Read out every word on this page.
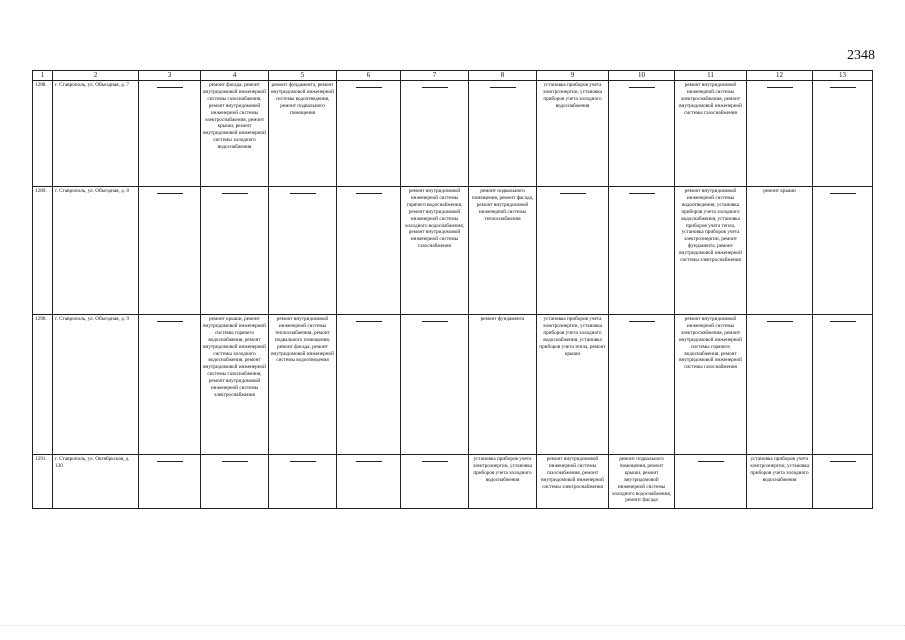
2348
1	2	3	4	5	6	7	8	9	10	11	12	13
1288.	г. Ставрополь, ул. Объездная, д. 7		ремонт фасада, ремонт внутридомовой инженерной системы газоснабжения, ремонт внутридомовой инженерной системы электроснабжения, ремонт крыши, ремонт внутридомовой инженерной системы холодного водоснабжения	ремонт фундамента, ремонт внутридомовой инженерной системы водоотведения, ремонт подвального помещения				установка приборов учета электроэнергии, установка приборов учета холодного водоснабжения		ремонт внутридомовой инженерной системы электроснабжения, ремонт внутридомовой инженерной системы газоснабжения	

1289.	г. Ставрополь, ул. Объездная, д. 8					ремонт внутридомовой инженерной системы горячего водоснабжения, ремонт внутридомовой инженерной системы холодного водоснабжения, ремонт внутридомовой инженерной системы газоснабжения	ремонт подвального помещения, ремонт фасада, ремонт внутридомовой инженерной системы теплоснабжения			ремонт внутридомовой инженерной системы водоотведения, установка приборов учета холодного водоснабжения, установка приборов учета тепла, установка приборов учета электроэнергии, ремонт фундамента, ремонт внутридомовой инженерной системы электроснабжения	ремонт крыши	

1290.	г. Ставрополь, ул. Объездная, д. 9		ремонт крыши, ремонт внутридомовой инженерной системы горячего водоснабжения, ремонт внутридомовой инженерной системы холодного водоснабжения, ремонт внутридомовой инженерной системы газоснабжения, ремонт внутридомовой инженерной системы электроснабжения	ремонт внутридомовой инженерной системы теплоснабжения, ремонт подвального помещения, ремонт фасада, ремонт внутридомовой инженерной системы водоотведения			ремонт фундамента	установка приборов учета электроэнергии, установка приборов учета холодного водоснабжения, установка приборов учета тепла, ремонт крыши		ремонт внутридомовой инженерной системы электроснабжения, ремонт внутридомовой инженерной системы горячего водоснабжения, ремонт внутридомовой инженерной системы газоснабжения	

1291.	г. Ставрополь, ул. Октябрьская, д. 130						установка приборов учета электроэнергии, установка приборов учета холодного водоснабжения	ремонт внутридомовой инженерной системы газоснабжения, ремонт внутридомовой инженерной системы электроснабжения	ремонт подвального помещения, ремонт крыши, ремонт внутридомовой инженерной системы холодного водоснабжения, ремонт фасада		установка приборов учета электроэнергии, установка приборов учета холодного водоснабжения	
